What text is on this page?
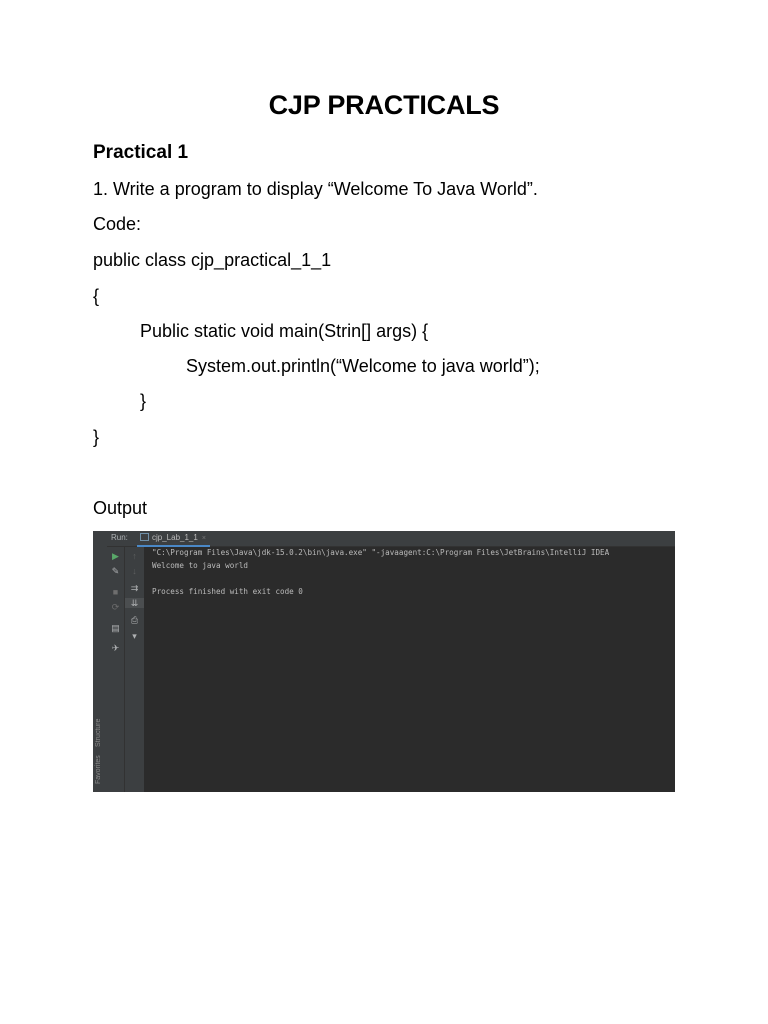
CJP PRACTICALS
Practical 1
1. Write a program to display “Welcome To Java World”.
Code:
public class cjp_practical_1_1
{
Public static void main(Strin[] args) {
System.out.println(“Welcome to java world”);
}
}
Output
Structure
Favorites
Run:	cjp_Lab_1_1 ×
▶
✎
■
⟳
▤
✈
↑
↓
⇉
⇊
⎙
▾

"C:\Program Files\Java\jdk-15.0.2\bin\java.exe" "-javaagent:C:\Program Files\JetBrains\IntelliJ IDEA

Welcome to java world

Process finished with exit code 0
